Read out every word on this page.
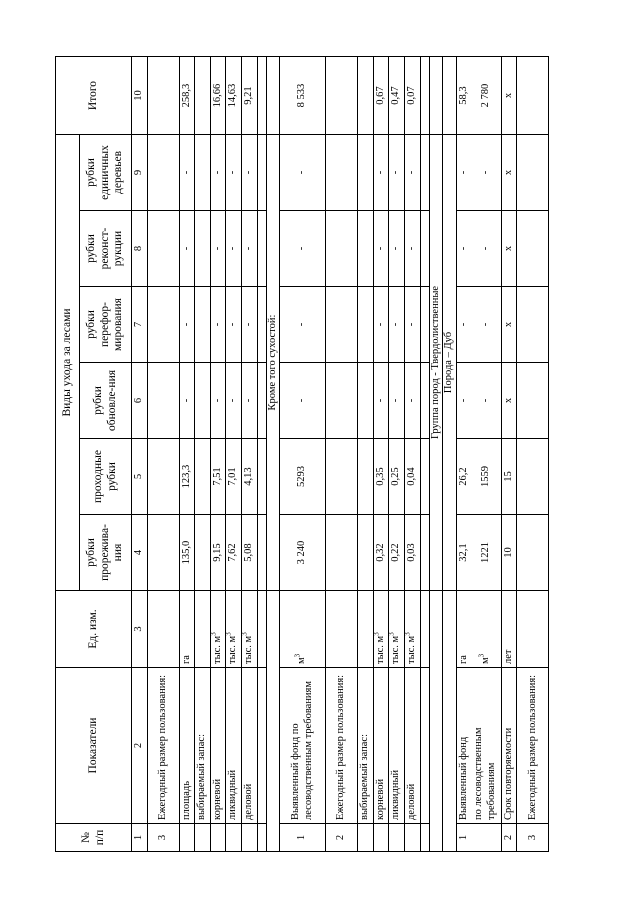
№
п/п	Показатели	Ед. изм.	Виды ухода за лесами						Итого
			рубки прорежива-ния	проходные рубки	рубки обновле-ния	рубки перефор-мирования	рубки реконст-рукции	рубки единичных деревьев	
1	2	3	4	5	6	7	8	9	10
3	Ежегодный размер пользования:								
	площадь	га	135,0	123,3	-	-	-	-	258,3
	выбираемый запас:								
	корневой	тыс. $м^3$	9,15	7,51	-	-	-	-	16,66
	ликвидный	тыс. $м^3$	7,62	7,01	-	-	-	-	14,63
	деловой	тыс. $м^3$	5,08	4,13	-	-	-	-	9,21

			Кроме того сухостой:						
1	Выявленный фонд по лесоводственным требованиям	$м^3$	3 240	5293	-	-	-	-	8 533
2	Ежегодный размер пользования:								
	выбираемый запас:								
	корневой	тыс. $м^3$	0,32	0,35	-	-	-	-	0,67
	ликвидный	тыс. $м^3$	0,22	0,25	-	-	-	-	0,47
	деловой	тыс. $м^3$	0,03	0,04	-	-	-	-	0,07

			Группа пород - Твердолиственные						
			Порода – Дуб						
1	Выявленный фонд	га	32,1	26,2	-	-	-	-	58,3
	по лесоводственным требованиям	$м^3$	1221	1559	-	-	-	-	2 780
2	Срок повторяемости	лет	10	15	х	х	х	х	х
3	Ежегодный размер пользования:								
